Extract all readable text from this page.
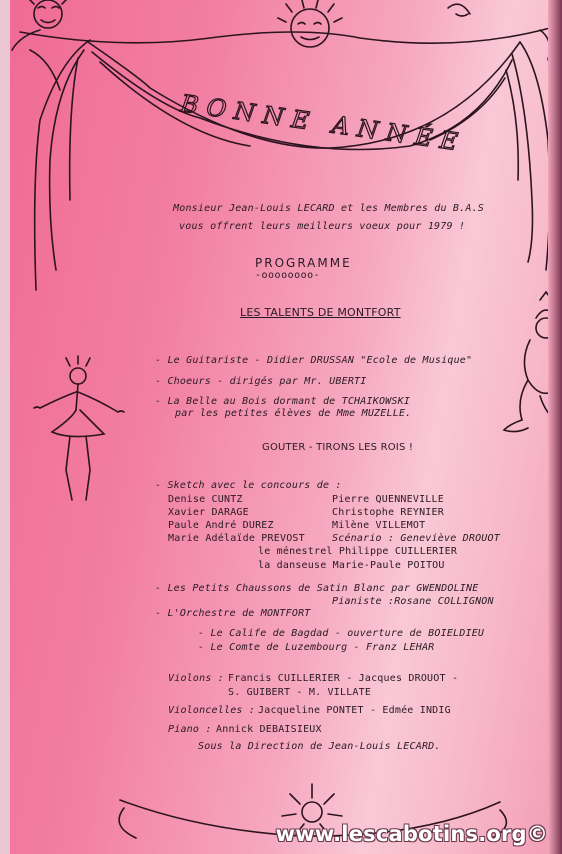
BONNE ANNÉE
Monsieur Jean-Louis LECARD et les Membres du B.A.S
vous offrent leurs meilleurs voeux pour 1979 !
PROGRAMME
-oooooooo-
LES TALENTS DE MONTFORT
- Le Guitariste - Didier DRUSSAN "Ecole de Musique"
- Choeurs - dirigés par Mr. UBERTI
- La Belle au Bois dormant de TCHAIKOWSKI
par les petites élèves de Mme MUZELLE.
GOUTER - TIRONS LES ROIS !
- Sketch avec le concours de :
Denise CUNTZ
Xavier DARAGE
Paule André DUREZ
Marie Adélaïde PREVOST
Pierre QUENNEVILLE
Christophe REYNIER
Milène VILLEMOT
Scénario : Geneviève DROUOT
le ménestrel Philippe CUILLERIER
la danseuse Marie-Paule POITOU
- Les Petits Chaussons de Satin Blanc par GWENDOLINE
Pianiste :Rosane COLLIGNON
- L'Orchestre de MONTFORT
- Le Calife de Bagdad - ouverture de BOIELDIEU
- Le Comte de Luzembourg - Franz LEHAR
Violons : Francis CUILLERIER - Jacques DROUOT -
S. GUIBERT - M. VILLATE
Violoncelles : Jacqueline PONTET - Edmée INDIG
Piano : Annick DEBAISIEUX
Sous la Direction de Jean-Louis LECARD.
www.lescabotins.org©
